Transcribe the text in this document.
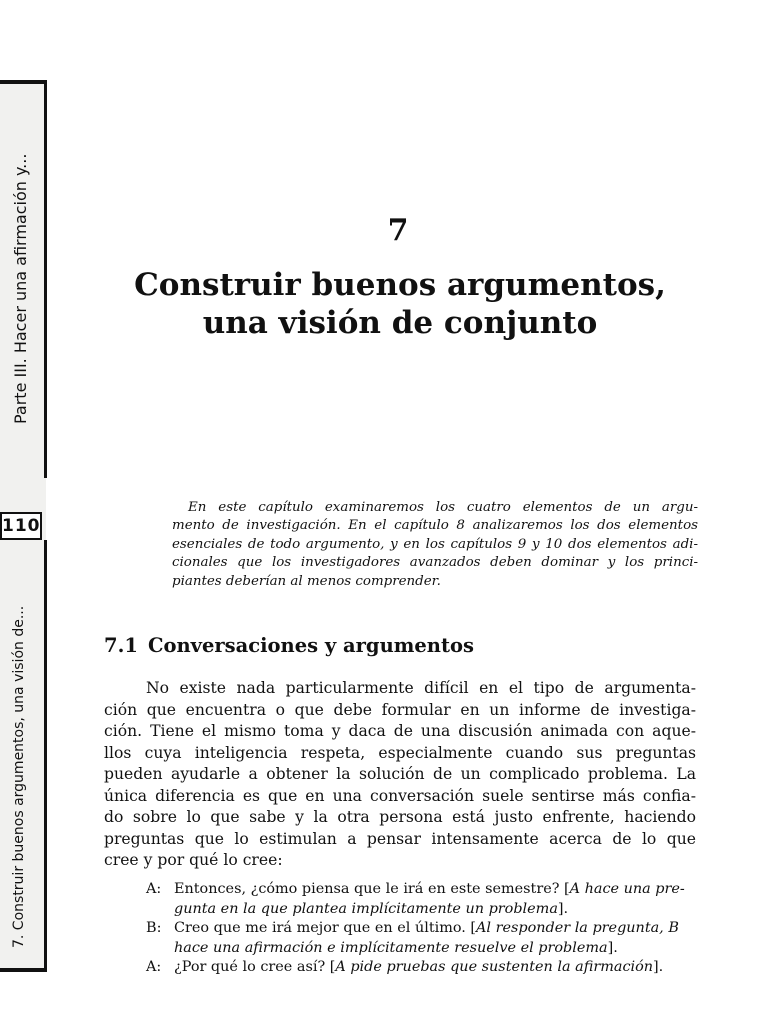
Parte III. Hacer una afirmación y...
110
7. Construir buenos argumentos, una visión de...
7
Construir buenos argumentos,
una visión de conjunto
En este capítulo examinaremos los cuatro elementos de un argu-
mento de investigación. En el capítulo 8 analizaremos los dos elementos
esenciales de todo argumento, y en los capítulos 9 y 10 dos elementos adi-
cionales que los investigadores avanzados deben dominar y los princi-
piantes deberían al menos comprender.
7.1 Conversaciones y argumentos
No existe nada particularmente difícil en el tipo de argumenta-
ción que encuentra o que debe formular en un informe de investiga-
ción. Tiene el mismo toma y daca de una discusión animada con aque-
llos cuya inteligencia respeta, especialmente cuando sus preguntas
pueden ayudarle a obtener la solución de un complicado problema. La
única diferencia es que en una conversación suele sentirse más confia-
do sobre lo que sabe y la otra persona está justo enfrente, haciendo
preguntas que lo estimulan a pensar intensamente acerca de lo que
cree y por qué lo cree:
A: Entonces, ¿cómo piensa que le irá en este semestre? [A hace una pre-
gunta en la que plantea implícitamente un problema].
B: Creo que me irá mejor que en el último. [Al responder la pregunta, B
hace una afirmación e implícitamente resuelve el problema].
A: ¿Por qué lo cree así? [A pide pruebas que sustenten la afirmación].
